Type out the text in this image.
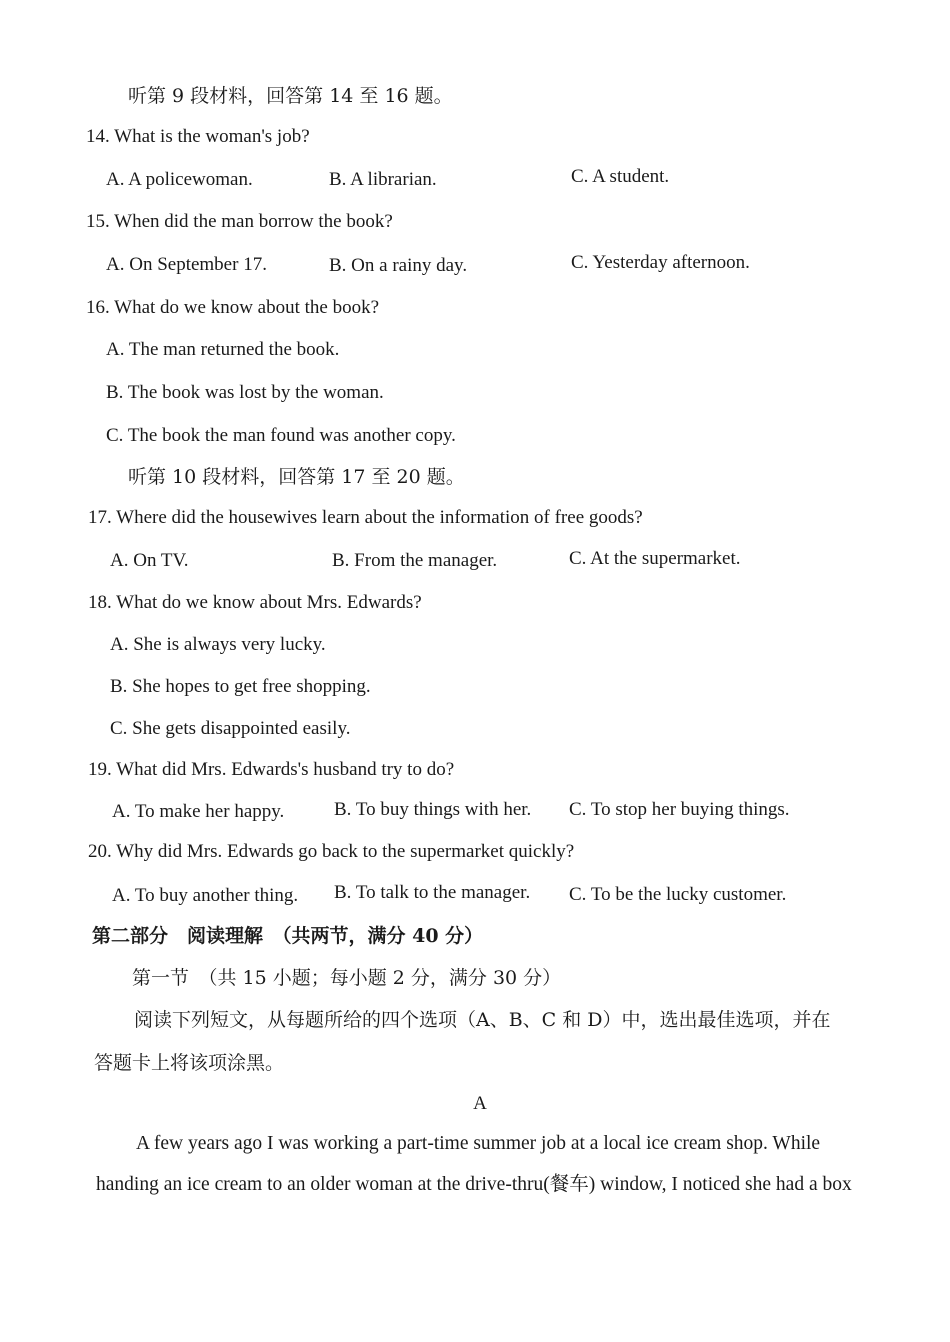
听第 9 段材料，回答第 14 至 16 题。
14. What is the woman's job?
A. A policewoman.	B. A librarian.	C. A student.
15. When did the man borrow the book?
A. On September 17.	B. On a rainy day.	C. Yesterday afternoon.
16. What do we know about the book?
A. The man returned the book.
B. The book was lost by the woman.
C. The book the man found was another copy.
听第 10 段材料，回答第 17 至 20 题。
17. Where did the housewives learn about the information of free goods?
A. On TV.	B. From the manager.	C. At the supermarket.
18. What do we know about Mrs. Edwards?
A. She is always very lucky.
B. She hopes to get free shopping.
C. She gets disappointed easily.
19. What did Mrs. Edwards's husband try to do?
A. To make her happy.	B. To buy things with her. C. To stop her buying things.
20. Why did Mrs. Edwards go back to the supermarket quickly?
A. To buy another thing. B. To talk to the manager. C. To be the lucky customer.
第二部分　阅读理解　（共两节，满分 40 分）
第一节　（共 15 小题；每小题 2 分，满分 30 分）
阅读下列短文，从每题所给的四个选项（A、B、C 和 D）中，选出最佳选项，并在
答题卡上将该项涂黑。
A
A few years ago I was working a part-time summer job at a local ice cream shop. While
handing an ice cream to an older woman at the drive-thru(餐车) window, I noticed she had a box
